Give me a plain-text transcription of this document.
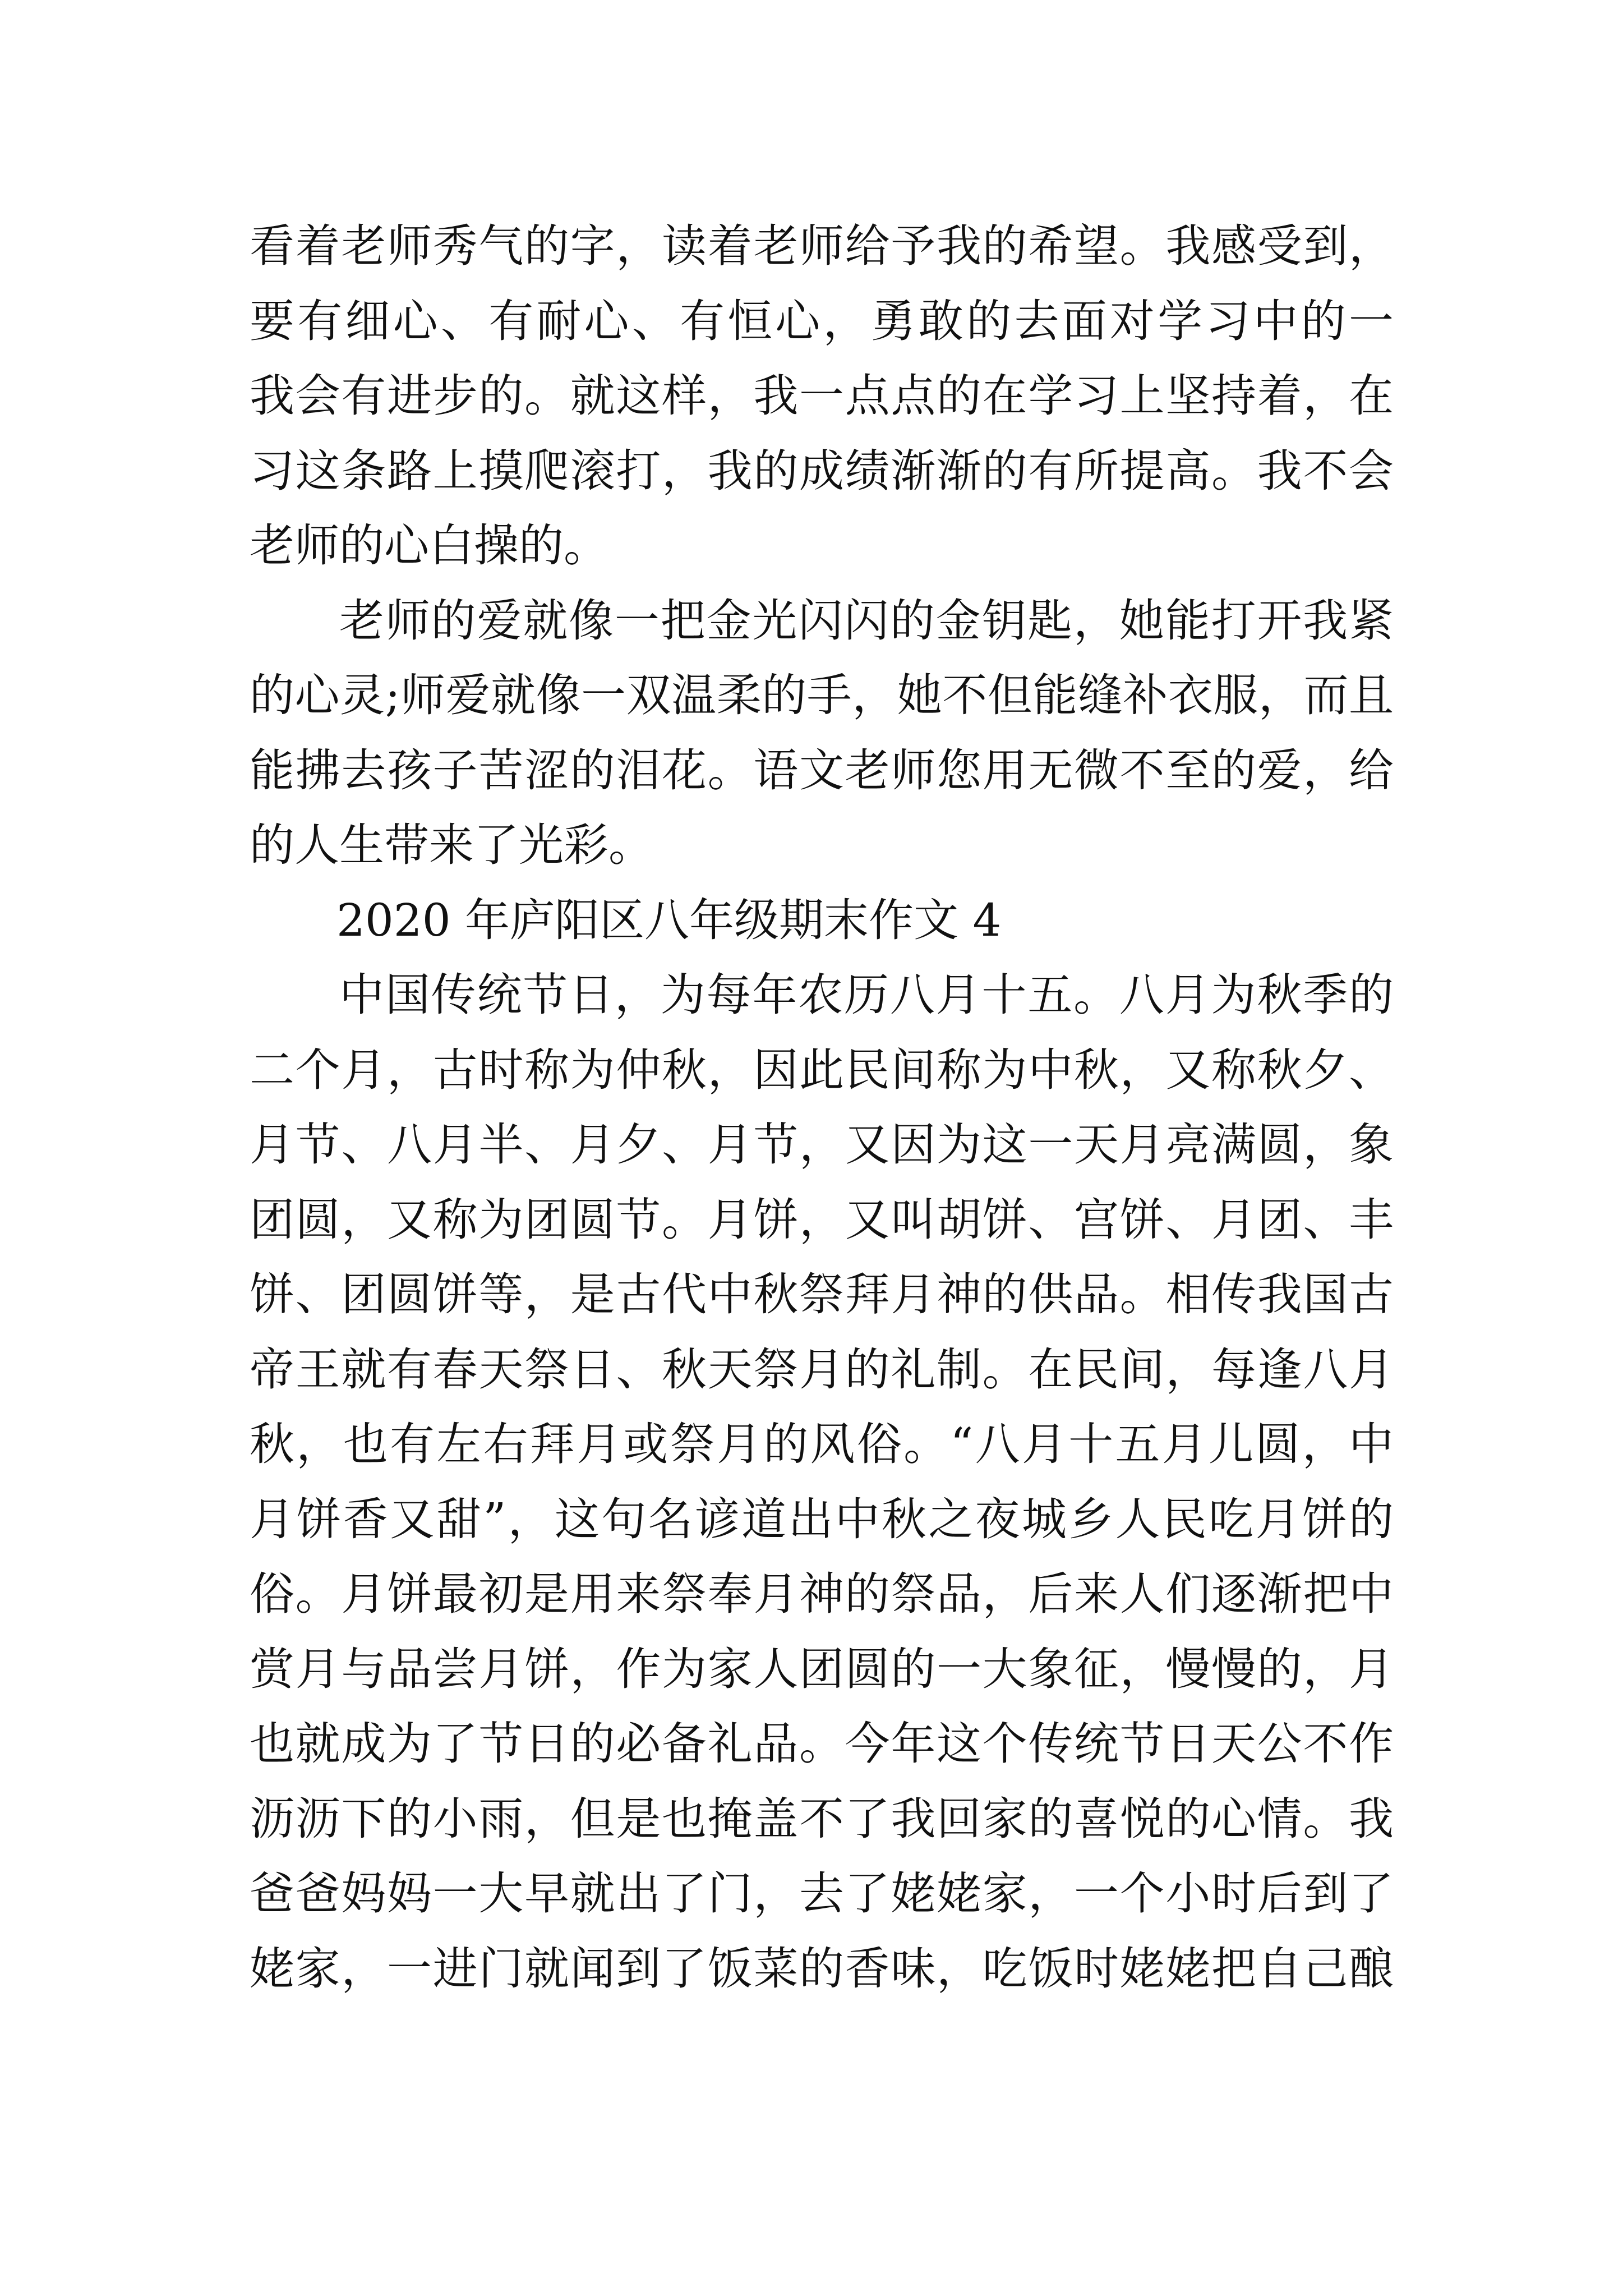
看着老师秀气的字，读着老师给予我的希望。我感受到，
要有细心、有耐心、有恒心，勇敢的去面对学习中的一
我会有进步的。就这样，我一点点的在学习上坚持着，在
习这条路上摸爬滚打，我的成绩渐渐的有所提高。我不会
老师的心白操的。
老师的爱就像一把金光闪闪的金钥匙，她能打开我紧
的心灵;师爱就像一双温柔的手，她不但能缝补衣服，而且
能拂去孩子苦涩的泪花。语文老师您用无微不至的爱，给
的人生带来了光彩。
2020 年庐阳区八年级期末作文 4
中国传统节日，为每年农历八月十五。八月为秋季的
二个月，古时称为仲秋，因此民间称为中秋，又称秋夕、
月节、八月半、月夕、月节，又因为这一天月亮满圆，象
团圆，又称为团圆节。月饼，又叫胡饼、宫饼、月团、丰
饼、团圆饼等，是古代中秋祭拜月神的供品。相传我国古
帝王就有春天祭日、秋天祭月的礼制。在民间，每逢八月
秋，也有左右拜月或祭月的风俗。“八月十五月儿圆，中
月饼香又甜”，这句名谚道出中秋之夜城乡人民吃月饼的
俗。月饼最初是用来祭奉月神的祭品，后来人们逐渐把中
赏月与品尝月饼，作为家人团圆的一大象征，慢慢的，月
也就成为了节日的必备礼品。今年这个传统节日天公不作
沥沥下的小雨，但是也掩盖不了我回家的喜悦的心情。我
爸爸妈妈一大早就出了门，去了姥姥家，一个小时后到了
姥家，一进门就闻到了饭菜的香味，吃饭时姥姥把自己酿
